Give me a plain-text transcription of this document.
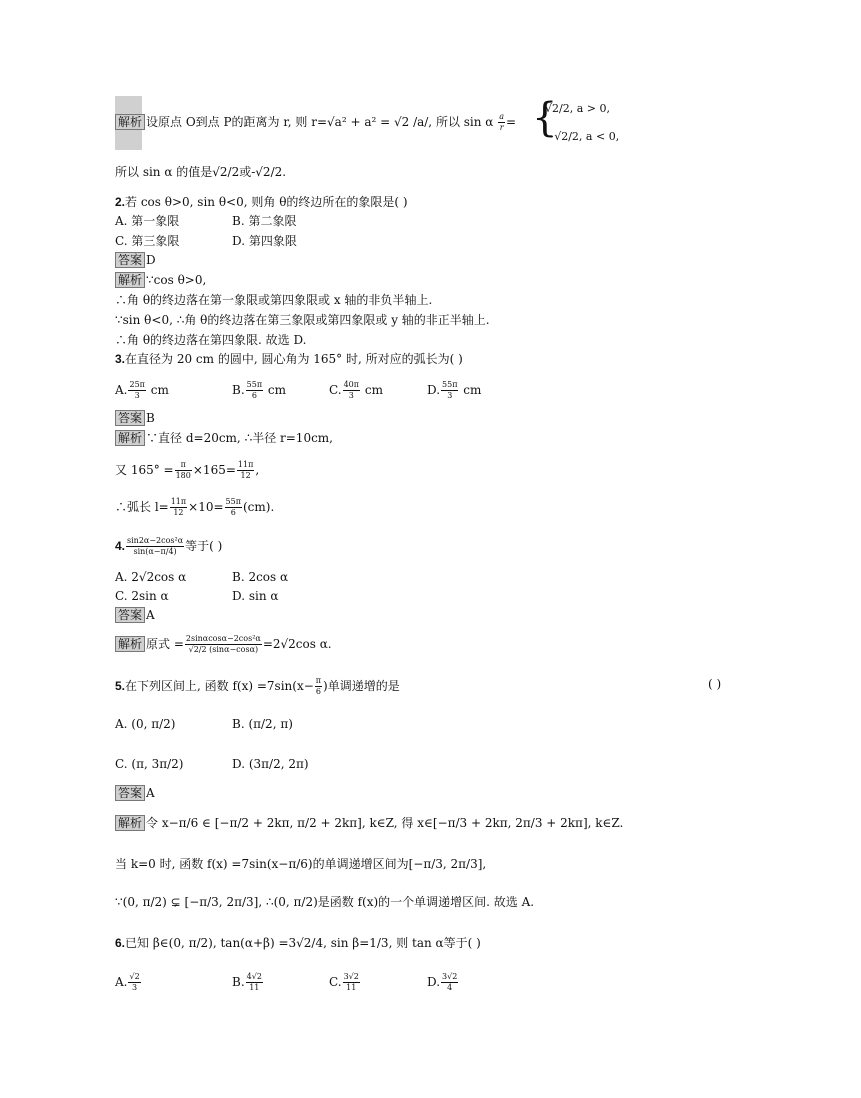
解析 设原点 O到点 P的距离为 r, 则 r=√a² + a² = √2 /a/, 所以 sin α $\frac{a}{r}$ = {
√2/2, a > 0,
−√2/2, a < 0,
所以 sin α 的值是√2/2或-√2/2.
2.若 cos θ>0, sin θ<0, 则角 θ的终边所在的象限是( )
A. 第一象限	B. 第二象限
C. 第三象限	D. 第四象限
答案 D
解析 ∵cos θ>0,
∴角 θ的终边落在第一象限或第四象限或 x 轴的非负半轴上.
∵sin θ<0, ∴角 θ的终边落在第三象限或第四象限或 y 轴的非正半轴上.
∴角 θ的终边落在第四象限. 故选 D.
3.在直径为 20 cm 的圆中, 圆心角为 165° 时, 所对应的弧长为( )
A. $\frac{25\pi}{3}$ cm	B. $\frac{55\pi}{6}$ cm	C. $\frac{40\pi}{3}$ cm	D. $\frac{55\pi}{3}$ cm
答案 B
解析 ∵直径 d=20cm, ∴半径 r=10cm,
又 $165^\circ = \frac{\pi}{180} \times 165= \frac{11\pi}{12}$ ,
∴弧长 $l= \frac{11\pi}{12} \times 10= \frac{55\pi}{6} (cm)$.
4. $\frac{\text{sin2α−2cos²α}}{\sin(\alpha-\pi/4)}$ 等于( )
A. 2√2cos α	B. 2cos α
C. 2sin α	D. sin α
答案 A
解析 原式 = $\frac{\text{2sinαcosα−2cos²α}}{√2/2 (\sin\alpha-\cos\alpha)} =2√2\cos$ α.
5.在下列区间上, 函数 $f(x) =7\sin(x- \frac{\pi}{6}$ )单调递增的是	( )
A. (0, π/2)	B. (π/2, π)
C. (π, 3π/2)	D. (3π/2, 2π)
答案 A
解析 令 x−π/6 ∈ [−π/2 + 2kπ, π/2 + 2kπ], k∈Z, 得 x∈[−π/3 + 2kπ, 2π/3 + 2kπ], k∈Z.
当 k=0 时, 函数 f(x) =7sin(x−π/6)的单调递增区间为[−π/3, 2π/3],
∵(0, π/2) ⊊ [−π/3, 2π/3], ∴(0, π/2)是函数 f(x)的一个单调递增区间. 故选 A.
6.已知 β∈(0, π/2), tan(α+β) =3√2/4, sin β=1/3, 则 tan α等于( )
A. $\frac{√2}{3}$	B. $\frac{4√2}{11}$	C. $\frac{3√2}{11}$	D. $\frac{3√2}{4}$
